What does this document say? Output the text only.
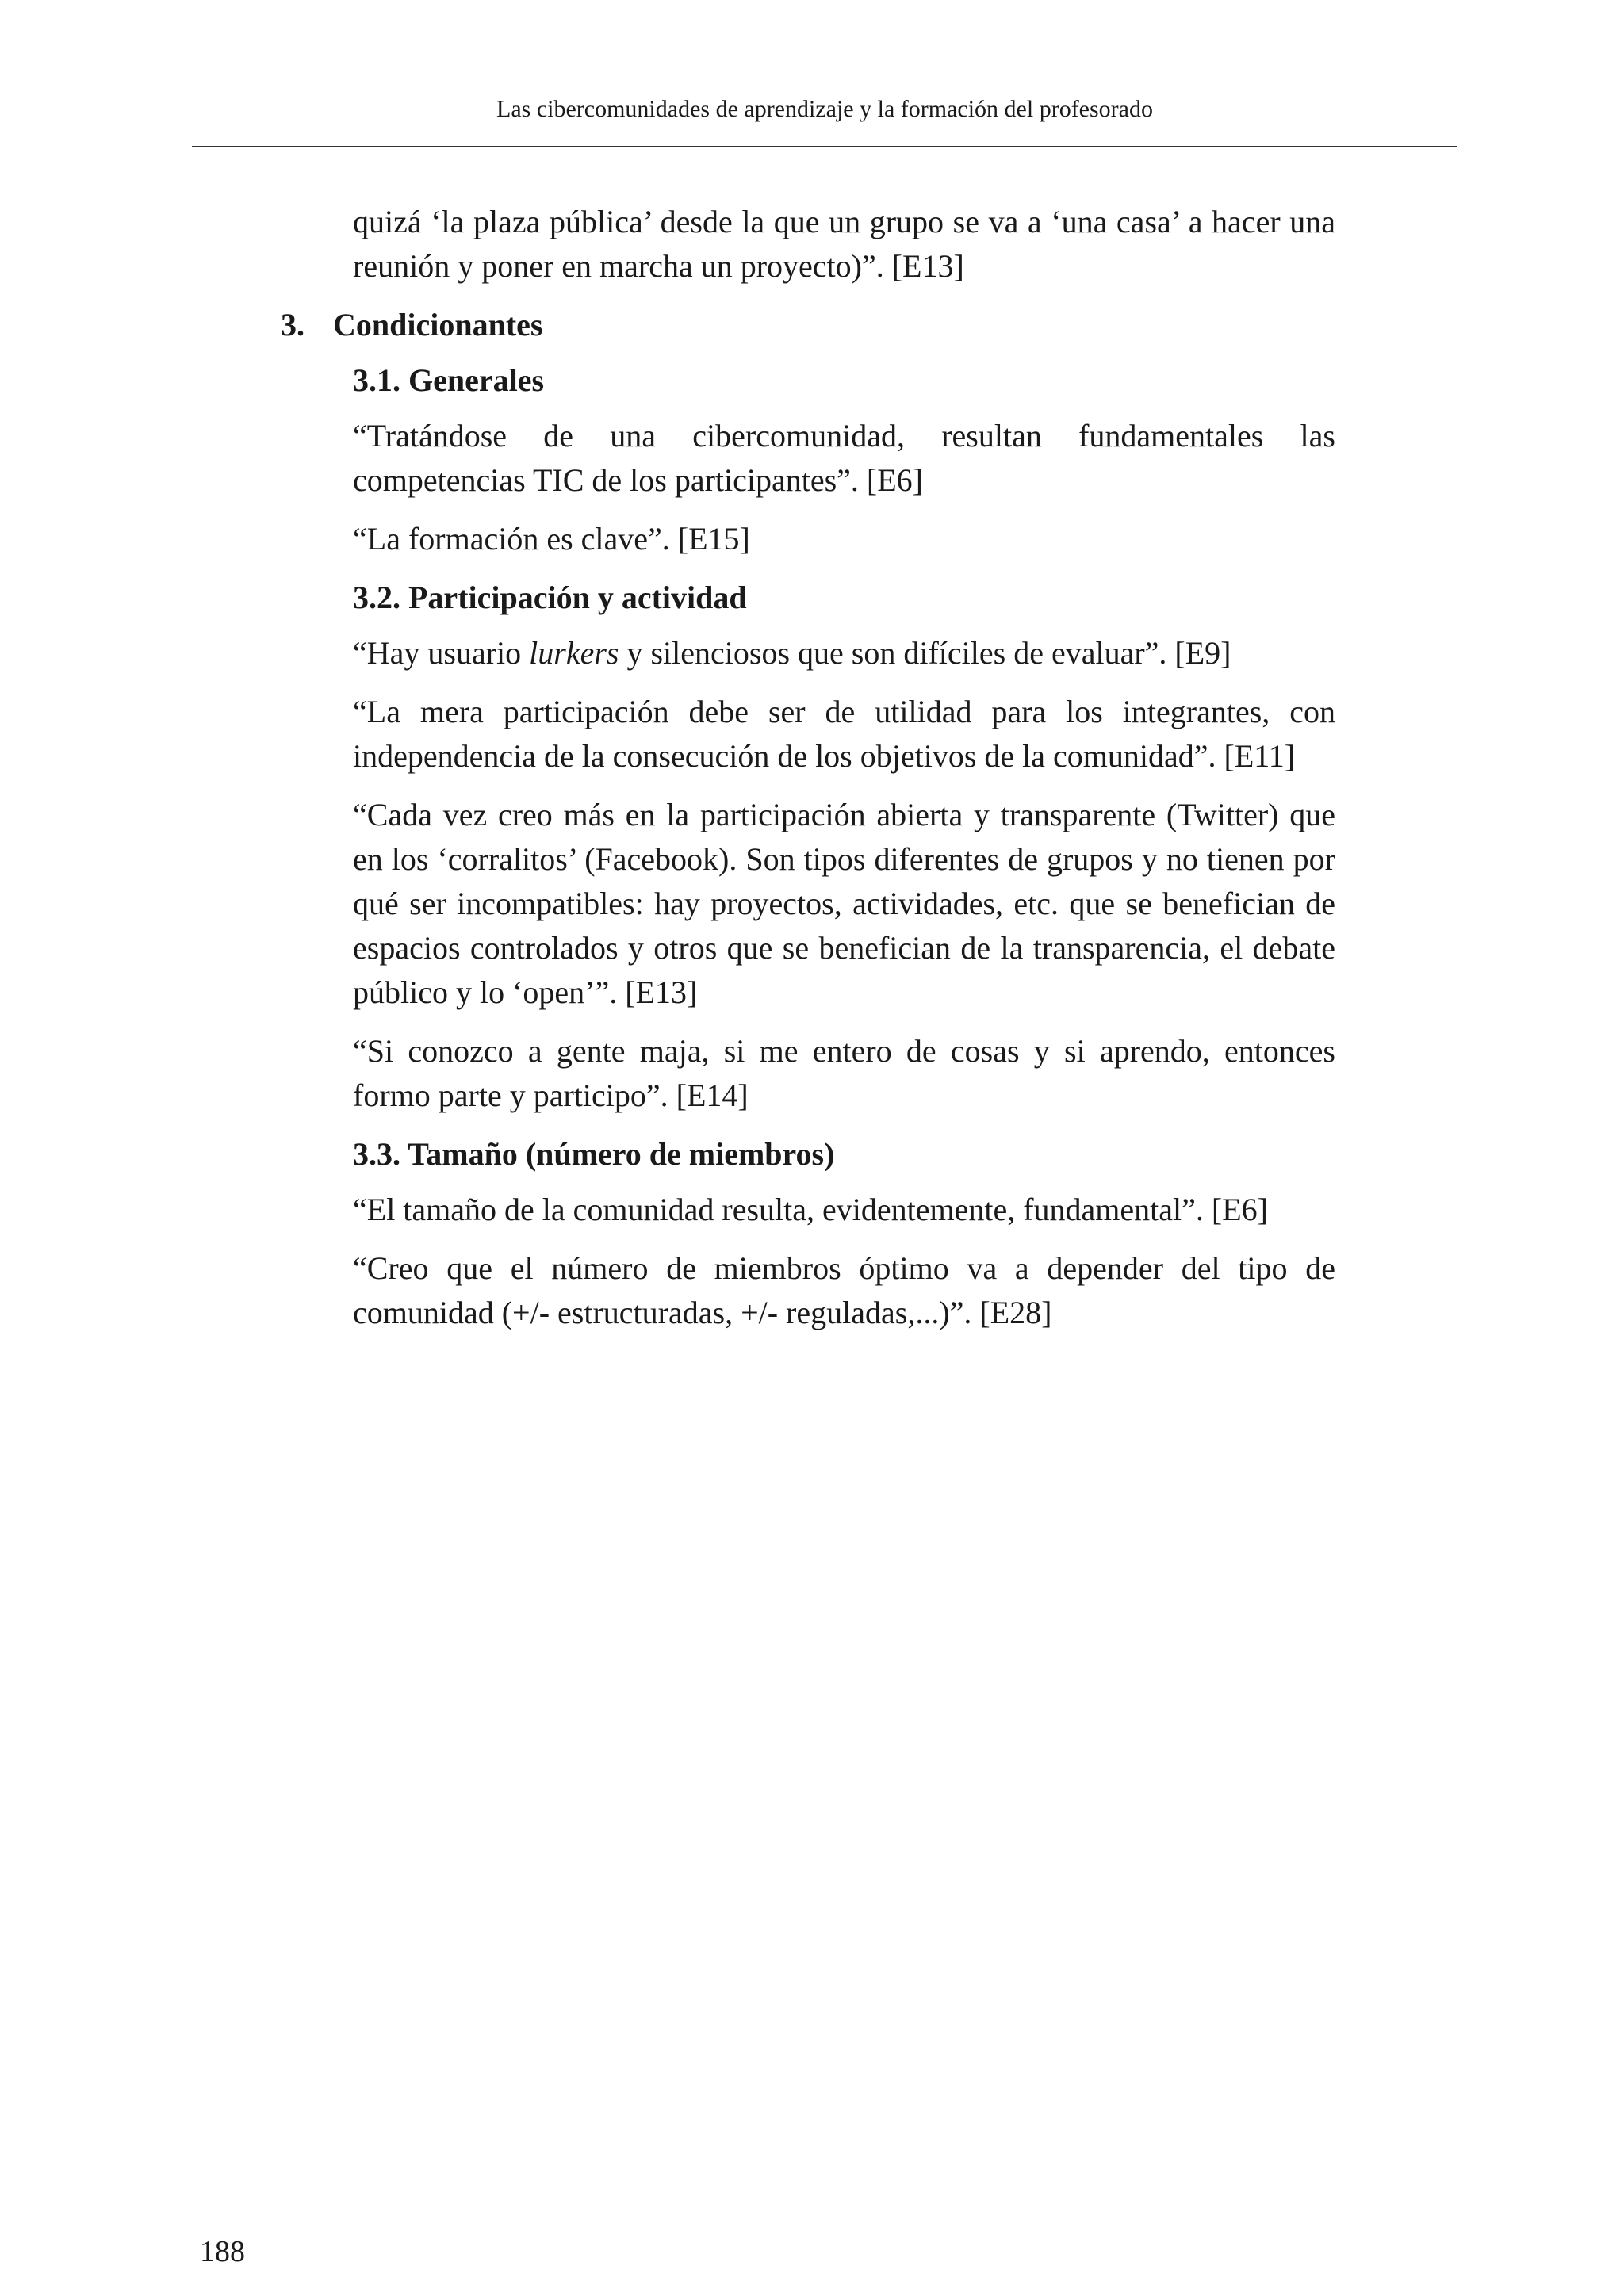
Las cibercomunidades de aprendizaje y la formación del profesorado

quizá ‘la plaza pública’ desde la que un grupo se va a ‘una casa’ a hacer una reunión y poner en marcha un proyecto)”. [E13]

3. Condicionantes
3.1. Generales

“Tratándose de una cibercomunidad, resultan fundamentales las competencias TIC de los participantes”. [E6]

“La formación es clave”. [E15]

3.2. Participación y actividad

“Hay usuario lurkers y silenciosos que son difíciles de evaluar”. [E9]

“La mera participación debe ser de utilidad para los integrantes, con independencia de la consecución de los objetivos de la comunidad”. [E11]

“Cada vez creo más en la participación abierta y transparente (Twitter) que en los ‘corralitos’ (Facebook). Son tipos diferentes de grupos y no tienen por qué ser incompatibles: hay proyectos, actividades, etc. que se benefician de espacios controlados y otros que se benefician de la transparencia, el debate público y lo ‘open’”. [E13]

“Si conozco a gente maja, si me entero de cosas y si aprendo, entonces formo parte y participo”. [E14]

3.3. Tamaño (número de miembros)

“El tamaño de la comunidad resulta, evidentemente, fundamental”. [E6]

“Creo que el número de miembros óptimo va a depender del tipo de comunidad (+/- estructuradas, +/- reguladas,...)”. [E28]

188
